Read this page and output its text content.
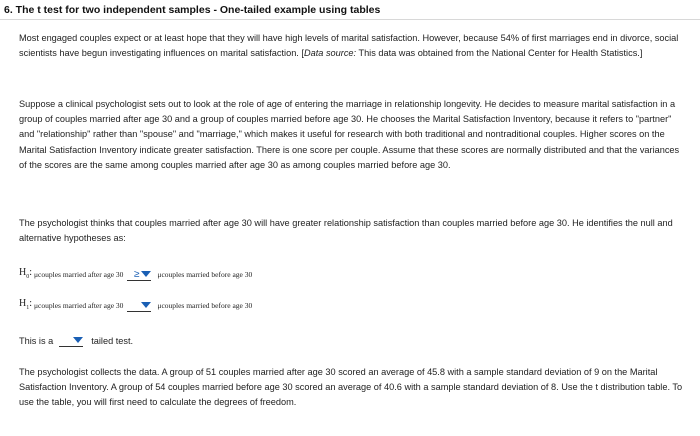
6. The t test for two independent samples - One-tailed example using tables

Most engaged couples expect or at least hope that they will have high levels of marital satisfaction. However, because 54% of first marriages end in divorce, social scientists have begun investigating influences on marital satisfaction. [Data source: This data was obtained from the National Center for Health Statistics.]

Suppose a clinical psychologist sets out to look at the role of age of entering the marriage in relationship longevity. He decides to measure marital satisfaction in a group of couples married after age 30 and a group of couples married before age 30. He chooses the Marital Satisfaction Inventory, because it refers to "partner" and "relationship" rather than "spouse" and "marriage," which makes it useful for research with both traditional and nontraditional couples. Higher scores on the Marital Satisfaction Inventory indicate greater satisfaction. There is one score per couple. Assume that these scores are normally distributed and that the variances of the scores are the same among couples married after age 30 as among couples married before age 30.

The psychologist thinks that couples married after age 30 will have greater relationship satisfaction than couples married before age 30. He identifies the null and alternative hypotheses as:

$H_0$: μcouples married after age 30 ≥ μcouples married before age 30
$H_1$: μcouples married after age 30	μcouples married before age 30
This is a	tailed test.

The psychologist collects the data. A group of 51 couples married after age 30 scored an average of 45.8 with a sample standard deviation of 9 on the Marital Satisfaction Inventory. A group of 54 couples married before age 30 scored an average of 40.6 with a sample standard deviation of 8. Use the t distribution table. To use the table, you will first need to calculate the degrees of freedom.
